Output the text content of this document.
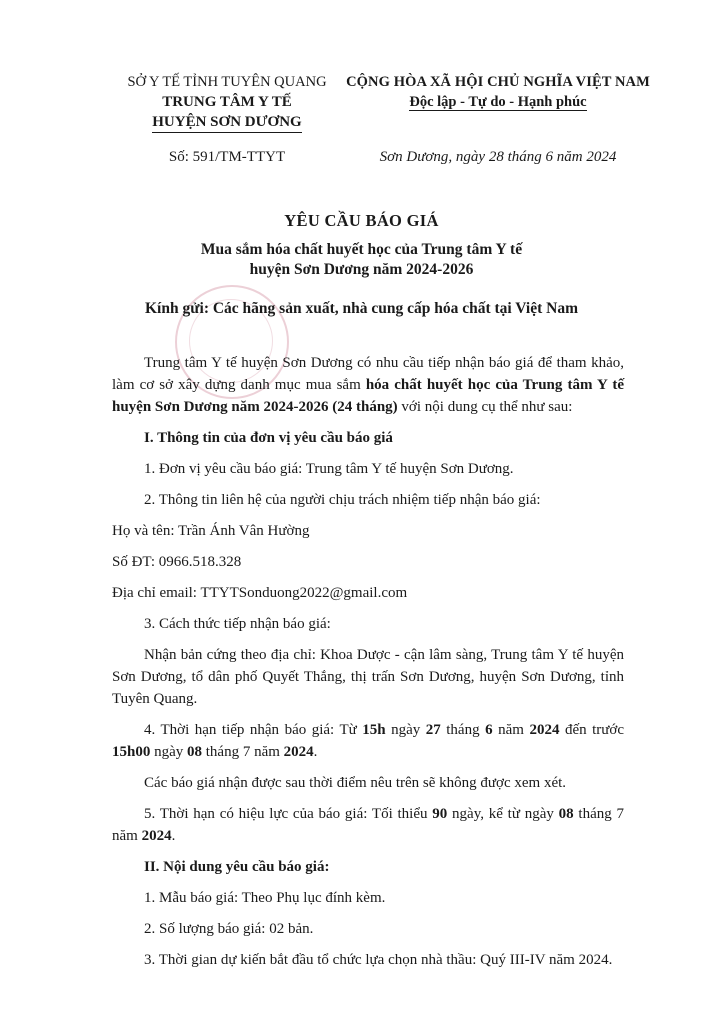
SỞ Y TẾ TỈNH TUYÊN QUANG
TRUNG TÂM Y TẾ
HUYỆN SƠN DƯƠNG
CỘNG HÒA XÃ HỘI CHỦ NGHĨA VIỆT NAM
Độc lập - Tự do - Hạnh phúc
Số: 591/TM-TTYT	Sơn Dương, ngày 28 tháng 6 năm 2024
YÊU CẦU BÁO GIÁ
Mua sắm hóa chất huyết học của Trung tâm Y tế
huyện Sơn Dương năm 2024-2026
Kính gửi: Các hãng sản xuất, nhà cung cấp hóa chất tại Việt Nam

Trung tâm Y tế huyện Sơn Dương có nhu cầu tiếp nhận báo giá để tham khảo, làm cơ sở xây dựng danh mục mua sắm hóa chất huyết học của Trung tâm Y tế huyện Sơn Dương năm 2024-2026 (24 tháng) với nội dung cụ thể như sau:

I. Thông tin của đơn vị yêu cầu báo giá

1. Đơn vị yêu cầu báo giá: Trung tâm Y tế huyện Sơn Dương.

2. Thông tin liên hệ của người chịu trách nhiệm tiếp nhận báo giá:

Họ và tên: Trần Ánh Vân Hường

Số ĐT: 0966.518.328

Địa chỉ email: TTYTSonduong2022@gmail.com

3. Cách thức tiếp nhận báo giá:

Nhận bản cứng theo địa chỉ: Khoa Dược - cận lâm sàng, Trung tâm Y tế huyện Sơn Dương, tổ dân phố Quyết Thắng, thị trấn Sơn Dương, huyện Sơn Dương, tỉnh Tuyên Quang.

4. Thời hạn tiếp nhận báo giá: Từ 15h ngày 27 tháng 6 năm 2024 đến trước 15h00 ngày 08 tháng 7 năm 2024.

Các báo giá nhận được sau thời điểm nêu trên sẽ không được xem xét.

5. Thời hạn có hiệu lực của báo giá: Tối thiểu 90 ngày, kể từ ngày 08 tháng 7 năm 2024.

II. Nội dung yêu cầu báo giá:

1. Mẫu báo giá: Theo Phụ lục đính kèm.

2. Số lượng báo giá: 02 bản.

3. Thời gian dự kiến bắt đầu tổ chức lựa chọn nhà thầu: Quý III-IV năm 2024.
